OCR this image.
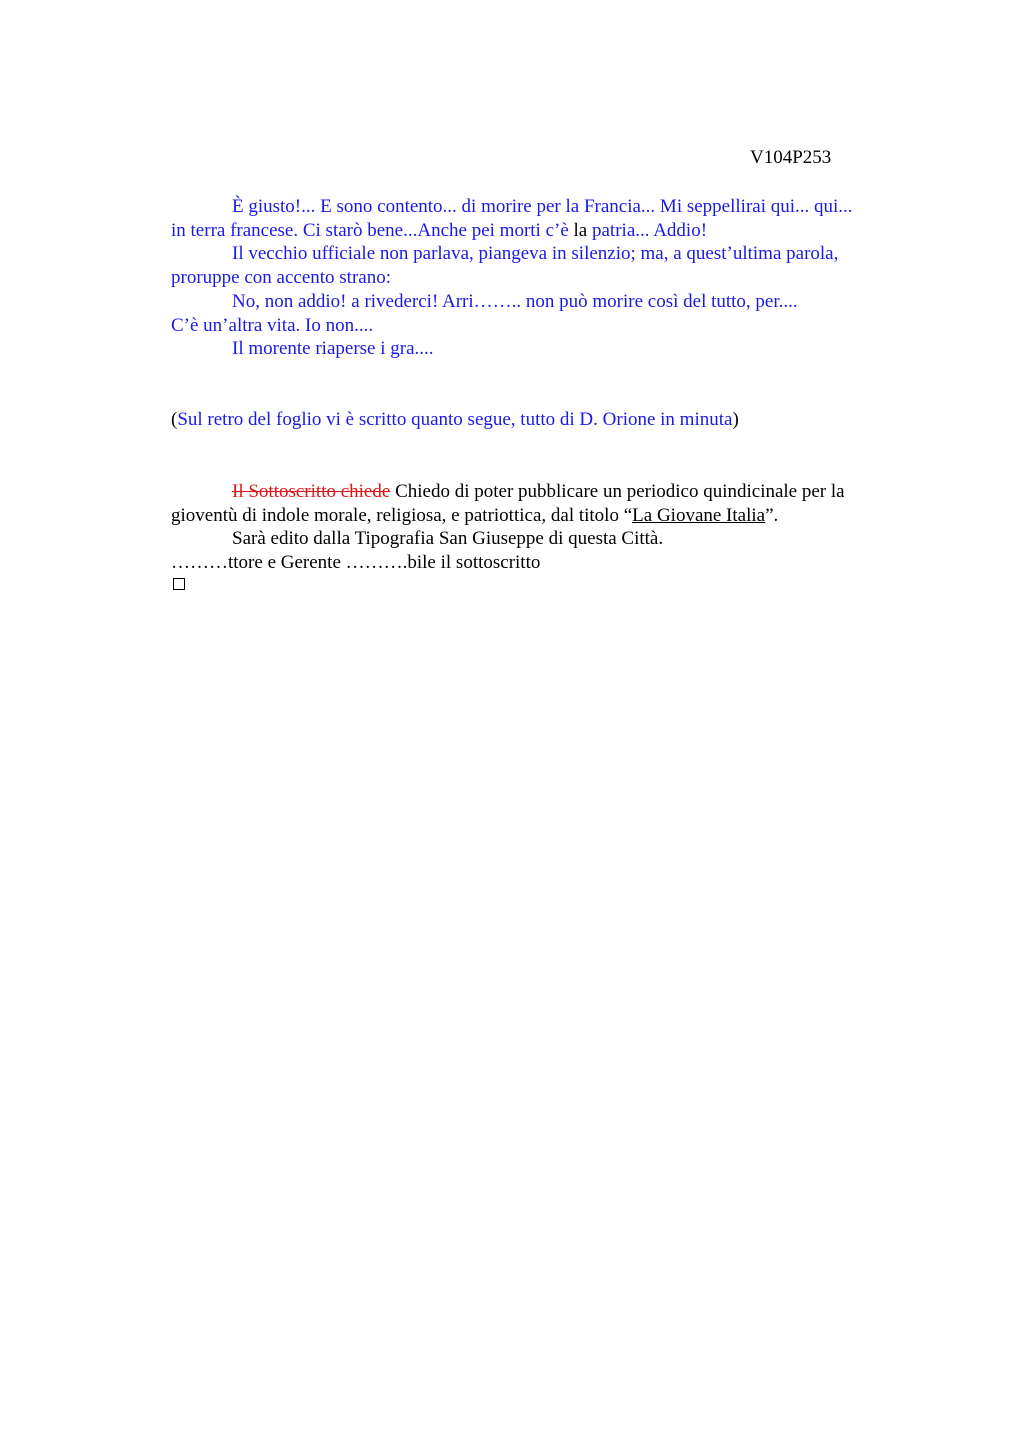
V104P253
È giusto!... E sono contento... di morire per la Francia... Mi seppellirai qui... qui...
in terra francese. Ci starò bene...Anche pei morti c’è la patria... Addio!
Il vecchio ufficiale non parlava, piangeva in silenzio; ma, a quest’ultima parola,
proruppe con accento strano:
No, non addio! a rivederci! Arri…….. non può morire così del tutto, per....
C’è un’altra vita. Io non....
Il morente riaperse i gra....
(Sul retro del foglio vi è scritto quanto segue, tutto di D. Orione in minuta)
Il Sottoscritto chiede Chiedo di poter pubblicare un periodico quindicinale per la
gioventù di indole morale, religiosa, e patriottica, dal titolo “La Giovane Italia”.
Sarà edito dalla Tipografia San Giuseppe di questa Città.
………ttore e Gerente ……….bile il sottoscritto
